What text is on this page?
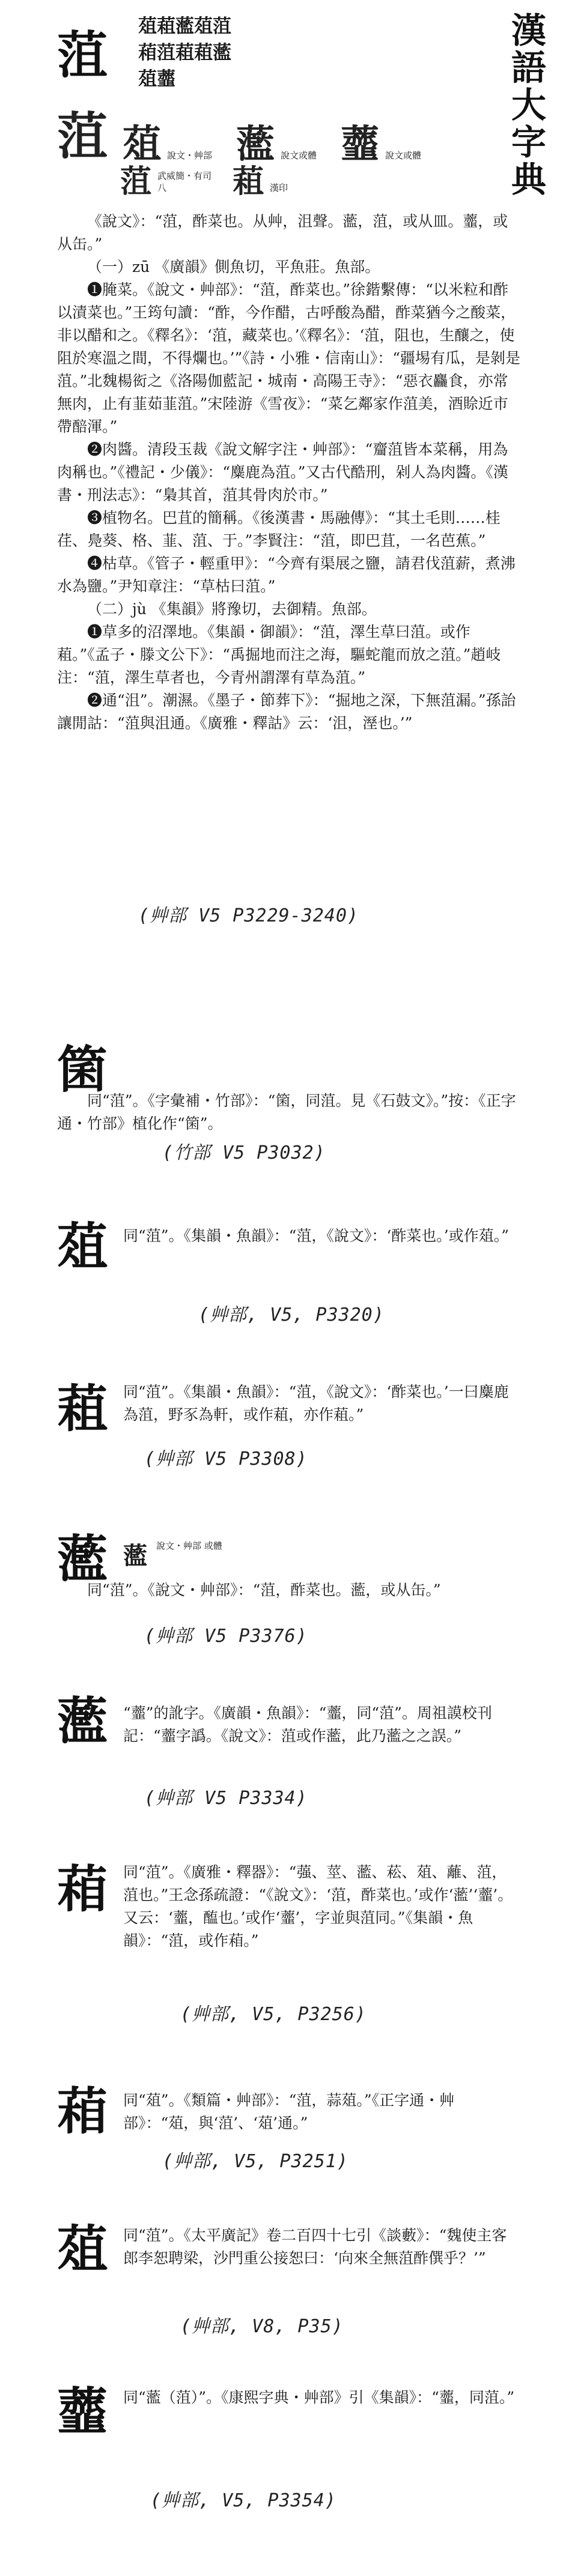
漢語大字典
菹 葅蒩蘫葅菹
葙菹蒩蒩蘫
葅虀
菹 葅 說文・艸部 蘫 說文或體 虀 說文或體
菹 武威簡・有司八	蒩 漢印

《說文》：“菹，酢菜也。从艸，沮聲。蘫，菹，或从皿。虀，或从缶。”

（一）zū 《廣韻》側魚切，平魚莊。魚部。

❶腌菜。《說文・艸部》：“菹，酢菜也。”徐鍇繫傳：“以米粒和酢以漬菜也。”王筠句讀：“酢，今作醋，古呼酸為醋，酢菜猶今之酸菜，非以醋和之。《釋名》：‘菹，藏菜也。’《釋名》：‘菹，阻也，生釀之，使阻於寒溫之間，不得爛也。’”《詩・小雅・信南山》：“疆埸有瓜，是剝是菹。”北魏楊衒之《洛陽伽藍記・城南・高陽王寺》：“惡衣麤食，亦常無肉，止有韮茹韮菹。”宋陸游《雪夜》：“菜乞鄰家作菹美，酒賒近市帶醅渾。”

❷肉醬。清段玉裁《說文解字注・艸部》：“齏菹皆本菜稱，用為肉稱也。”《禮記・少儀》：“麋鹿為菹。”又古代酷刑，剁人為肉醬。《漢書・刑法志》：“梟其首，菹其骨肉於市。”

❸植物名。巴苴的簡稱。《後漢書・馬融傳》：“其土毛則……桂荏、鳧葵、格、韮、菹、于。”李賢注：“菹，即巴苴，一名芭蕉。”

❹枯草。《管子・輕重甲》：“今齊有渠展之鹽，請君伐菹薪，煮沸水為鹽。”尹知章注：“草枯曰菹。”

（二）jù 《集韻》將豫切，去御精。魚部。

❶草多的沼澤地。《集韻・御韻》：“菹，澤生草曰菹。或作蒩。”《孟子・滕文公下》：“禹掘地而注之海，驅蛇龍而放之菹。”趙岐注：“菹，澤生草者也，今青州謂澤有草為菹。”

❷通“沮”。潮濕。《墨子・節葬下》：“掘地之深，下無菹漏。”孫詒讓閒詁：“菹與沮通。《廣雅・釋詁》云：‘沮，溼也。’”

(艸部 V5 P3229-3240)
箘

同“菹”。《字彙補・竹部》：“箘，同菹。見《石鼓文》。”按：《正字通・竹部》植化作“箘”。

(竹部 V5 P3032)
葅 同“菹”。《集韻・魚韻》：“菹，《說文》：‘酢菜也。’或作葅。”

(艸部, V5, P3320)
蒩 同“菹”。《集韻・魚韻》：“菹，《說文》：‘酢菜也。’一曰麋鹿為菹，野豕為軒，或作蒩，亦作蒩。”

(艸部 V5 P3308)
蘫 蘫 說文・艸部 或體

同“菹”。《說文・艸部》：“菹，酢菜也。蘫，或从缶。”

(艸部 V5 P3376)
蘫 “虀”的訛字。《廣韻・魚韻》：“虀，同“菹”。周祖謨校刊記：“虀字譌。《說文》：菹或作蘫，此乃蘫之之誤。”

(艸部 V5 P3334)
葙 同“菹”。《廣雅・釋器》：“蔃、莖、蘫、菘、葅、蘺、菹，菹也。”王念孫疏證：“《說文》：‘菹，酢菜也。’或作‘蘫’‘虀’。又云：‘虀，醢也。’或作‘虀’，字並與菹同。”《集韻・魚韻》：“菹，或作葙。”

(艸部, V5, P3256)
葙 同“葅”。《類篇・艸部》：“菹，蒜葅。”《正字通・艸部》：“葅，與‘菹’、‘葅’通。”

(艸部, V5, P3251)
葅 同“菹”。《太平廣記》卷二百四十七引《談藪》：“魏使主客郎李恕聘梁，沙門重公接恕曰：‘向來全無菹酢僎乎？’”

(艸部, V8, P35)
虀 同“蘫（菹）”。《康熙字典・艸部》引《集韻》：“虀，同菹。”

(艸部, V5, P3354)
